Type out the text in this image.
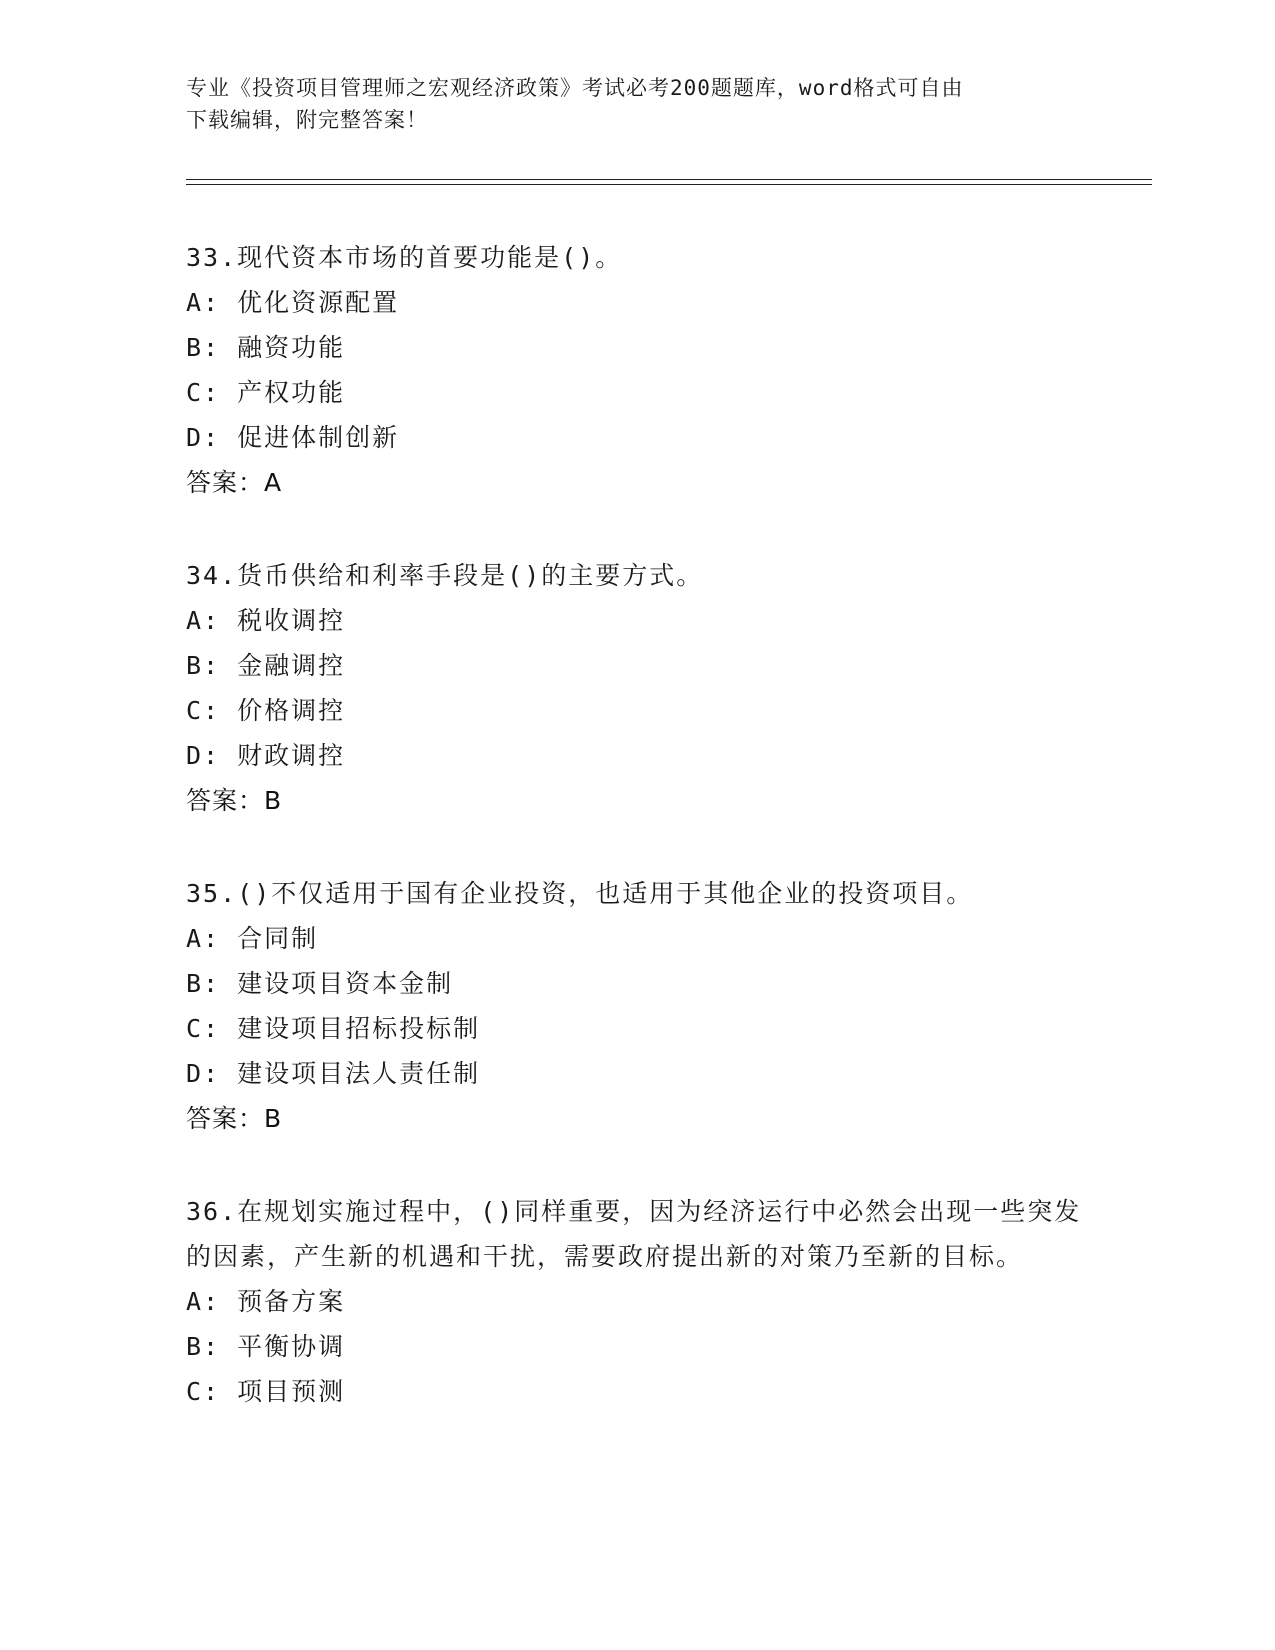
专业《投资项目管理师之宏观经济政策》考试必考200题题库，word格式可自由
下载编辑，附完整答案！

33.现代资本市场的首要功能是()。

A: 优化资源配置

B: 融资功能

C: 产权功能

D: 促进体制创新

答案：A

34.货币供给和利率手段是()的主要方式。

A: 税收调控

B: 金融调控

C: 价格调控

D: 财政调控

答案：B

35.()不仅适用于国有企业投资，也适用于其他企业的投资项目。

A: 合同制

B: 建设项目资本金制

C: 建设项目招标投标制

D: 建设项目法人责任制

答案：B

36.在规划实施过程中，()同样重要，因为经济运行中必然会出现一些突发的因素，产生新的机遇和干扰，需要政府提出新的对策乃至新的目标。

A: 预备方案

B: 平衡协调

C: 项目预测
